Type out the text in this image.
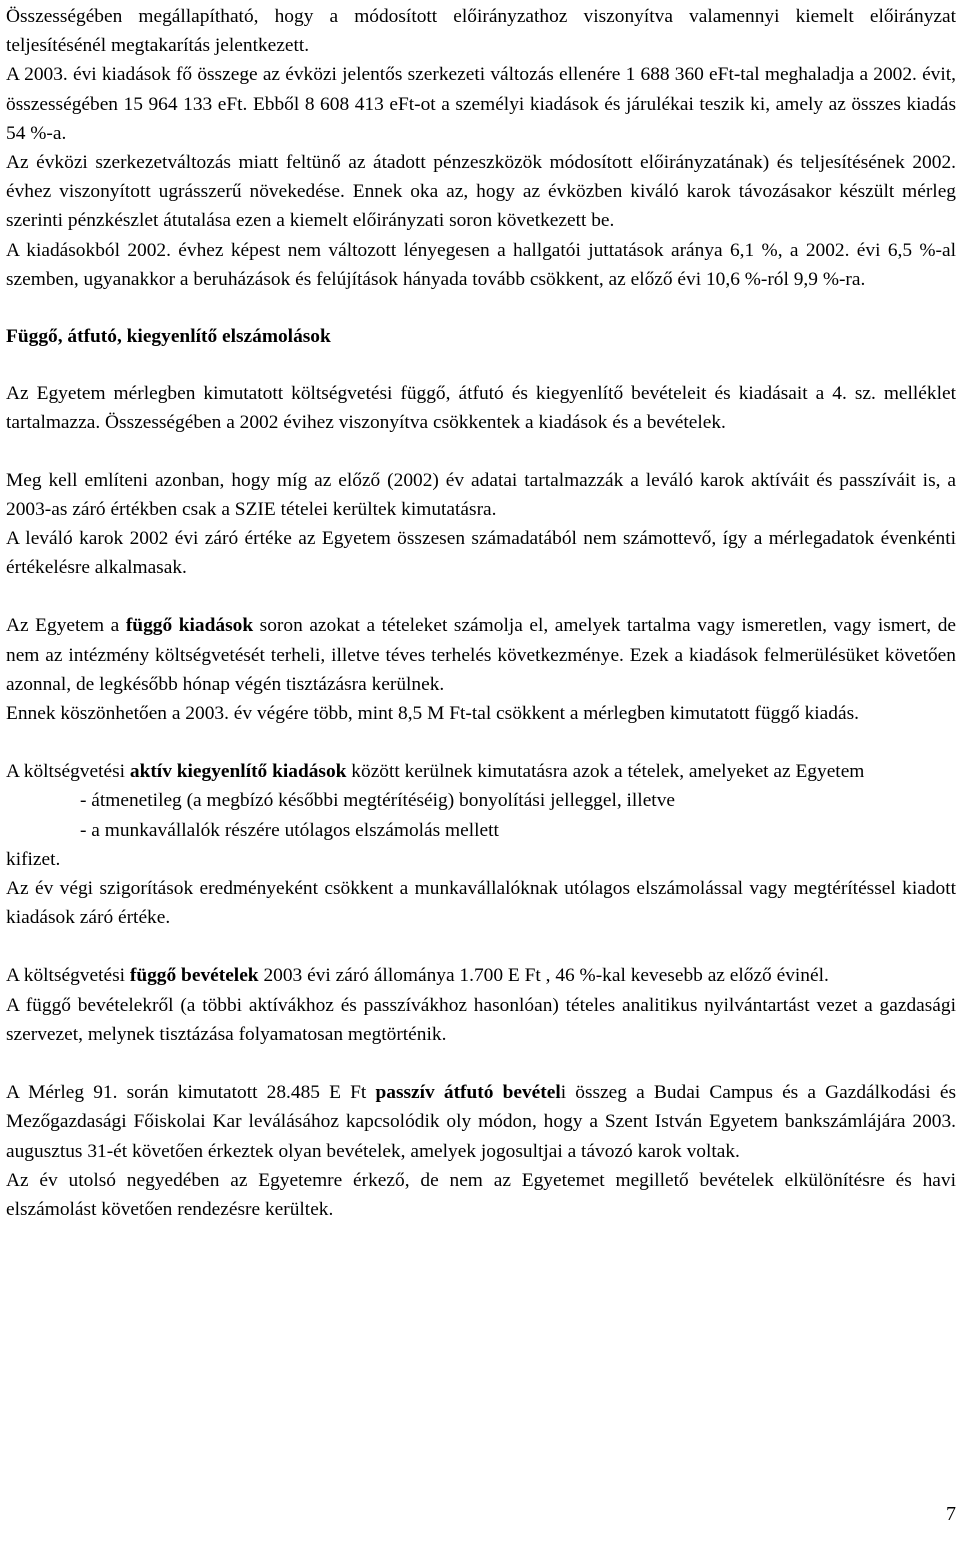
Összességében megállapítható, hogy a módosított előirányzathoz viszonyítva valamennyi kiemelt előirányzat teljesítésénél megtakarítás jelentkezett.

A 2003. évi kiadások fő összege az évközi jelentős szerkezeti változás ellenére 1 688 360 eFt-tal meghaladja a 2002. évit, összességében 15 964 133 eFt. Ebből 8 608 413 eFt-ot a személyi kiadások és járulékai teszik ki, amely az összes kiadás 54 %-a.

Az évközi szerkezetváltozás miatt feltünő az átadott pénzeszközök módosított előirányzatának) és teljesítésének 2002. évhez viszonyított ugrásszerű növekedése. Ennek oka az, hogy az évközben kiváló karok távozásakor készült mérleg szerinti pénzkészlet átutalása ezen a kiemelt előirányzati soron következett be.

A kiadásokból 2002. évhez képest nem változott lényegesen a hallgatói juttatások aránya 6,1 %, a 2002. évi 6,5 %-al szemben, ugyanakkor a beruházások és felújítások hányada tovább csökkent, az előző évi 10,6 %-ról 9,9 %-ra.

Függő, átfutó, kiegyenlítő elszámolások

Az Egyetem mérlegben kimutatott költségvetési függő, átfutó és kiegyenlítő bevételeit és kiadásait a 4. sz. melléklet tartalmazza. Összességében a 2002 évihez viszonyítva csökkentek a kiadások és a bevételek.

Meg kell említeni azonban, hogy míg az előző (2002) év adatai tartalmazzák a leváló karok aktíváit és passzíváit is, a 2003-as záró értékben csak a SZIE tételei kerültek kimutatásra.

A leváló karok 2002 évi záró értéke az Egyetem összesen számadatából nem számottevő, így a mérlegadatok évenkénti értékelésre alkalmasak.

Az Egyetem a függő kiadások soron azokat a tételeket számolja el, amelyek tartalma vagy ismeretlen, vagy ismert, de nem az intézmény költségvetését terheli, illetve téves terhelés következménye. Ezek a kiadások felmerülésüket követően azonnal, de legkésőbb hónap végén tisztázásra kerülnek.

Ennek köszönhetően a 2003. év végére több, mint 8,5 M Ft-tal csökkent a mérlegben kimutatott függő kiadás.

A költségvetési aktív kiegyenlítő kiadások között kerülnek kimutatásra azok a tételek, amelyeket az Egyetem

- átmenetileg (a megbízó későbbi megtérítéséig) bonyolítási jelleggel, illetve

- a munkavállalók részére utólagos elszámolás mellett

kifizet.

Az év végi szigorítások eredményeként csökkent a munkavállalóknak utólagos elszámolással vagy megtérítéssel kiadott kiadások záró értéke.

A költségvetési függő bevételek 2003 évi záró állománya 1.700 E Ft , 46 %-kal kevesebb az előző évinél.

A függő bevételekről (a többi aktívákhoz és passzívákhoz hasonlóan) tételes analitikus nyilvántartást vezet a gazdasági szervezet, melynek tisztázása folyamatosan megtörténik.

A Mérleg 91. során kimutatott 28.485 E Ft passzív átfutó bevételi összeg a Budai Campus és a Gazdálkodási és Mezőgazdasági Főiskolai Kar leválásához kapcsolódik oly módon, hogy a Szent István Egyetem bankszámlájára 2003. augusztus 31-ét követően érkeztek olyan bevételek, amelyek jogosultjai a távozó karok voltak.

Az év utolsó negyedében az Egyetemre érkező, de nem az Egyetemet megillető bevételek elkülönítésre és havi elszámolást követően rendezésre kerültek.

7
